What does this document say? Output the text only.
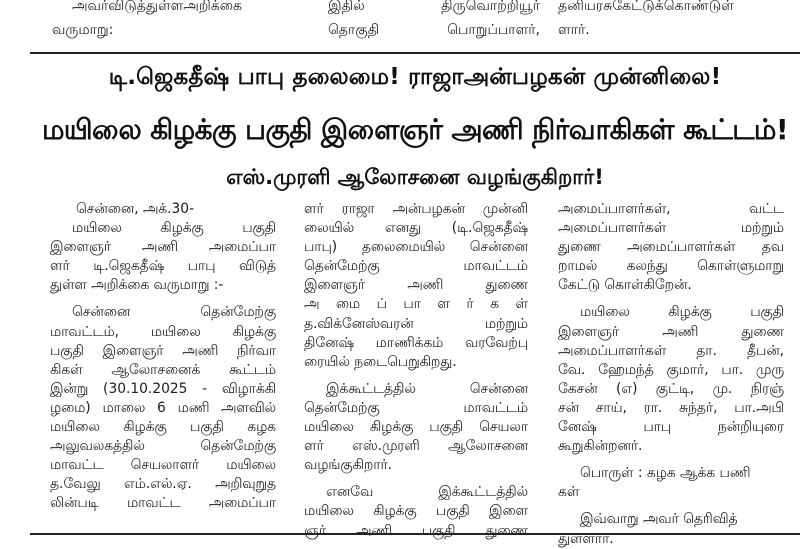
அவர்விடுத்துள்ளஅறிக்கை
வருமாறு:
இதில் திருவொற்றியூர்
தொகுதி பொறுப்பாளர்,
தனியரசுகேட்டுக்கொண்டுள்
ளார்.
டி.ஜெகதீஷ் பாபு தலைமை! ராஜாஅன்பழகன் முன்னிலை!
மயிலை கிழக்கு பகுதி இளைஞர் அணி நிர்வாகிகள் கூட்டம்!
எஸ்.முரளி ஆலோசனை வழங்குகிறார்!
சென்னை, அக்.30-
மயிலை கிழக்கு பகுதி
இளைஞர் அணி அமைப்பா
ளர் டி.ஜெகதீஷ் பாபு விடுத்
துள்ள அறிக்கை வருமாறு :-
சென்னை தென்மேற்கு
மாவட்டம், மயிலை கிழக்கு
பகுதி இளைஞர் அணி நிர்வா
கிகள் ஆலோசனைக் கூட்டம்
இன்று (30.10.2025 - விழாக்கி
ழமை) மாலை 6 மணி அளவில்
மயிலை கிழக்கு பகுதி கழக
அலுவலகத்தில் தென்மேற்கு
மாவட்ட செயலாளர் மயிலை
த.வேலு எம்.எல்.ஏ. அறிவுறுத
லின்படி மாவட்ட அமைப்பா
ளர் ராஜா அன்பழகன் முன்னி
லையில் எனது (டி.ஜெகதீஷ்
பாபு) தலைமையில் சென்னை
தென்மேற்கு மாவட்டம்
இளைஞர் அணி துணை
அ மை ப் பா ள ர் க ள்
த.விக்னேஸ்வரன் மற்றும்
தினேஷ் மாணிக்கம் வரவேற்பு
ரையில் நடைபெறுகிறது.
இக்கூட்டத்தில் சென்னை
தென்மேற்கு மாவட்டம்
மயிலை கிழக்கு பகுதி செயலா
ளர் எஸ்.முரளி ஆலோசனை
வழங்குகிறார்.
எனவே இக்கூட்டத்தில்
மயிலை கிழக்கு பகுதி இளை
ஞர் அணி பகுதி துணை
அமைப்பாளர்கள், வட்ட
அமைப்பாளர்கள் மற்றும்
துணை அமைப்பாளர்கள் தவ
றாமல் கலந்து கொள்ளுமாறு
கேட்டு கொள்கிறேன்.
மயிலை கிழக்கு பகுதி
இளைஞர் அணி துணை
அமைப்பாளர்கள் தா. தீபன்,
வே. ஹேமந்த் குமார், பா. முரு
கேசன் (எ) குட்டி, மு. நிரஞ்
சன் சாய், ரா. சுந்தர், பா.அபி
னேஷ் பாபு நன்றியுரை
கூறுகின்றனர்.
பொருள் : கழக ஆக்க பணி
கள்
இவ்வாறு அவர் தெரிவித்
துள்ளார்.
